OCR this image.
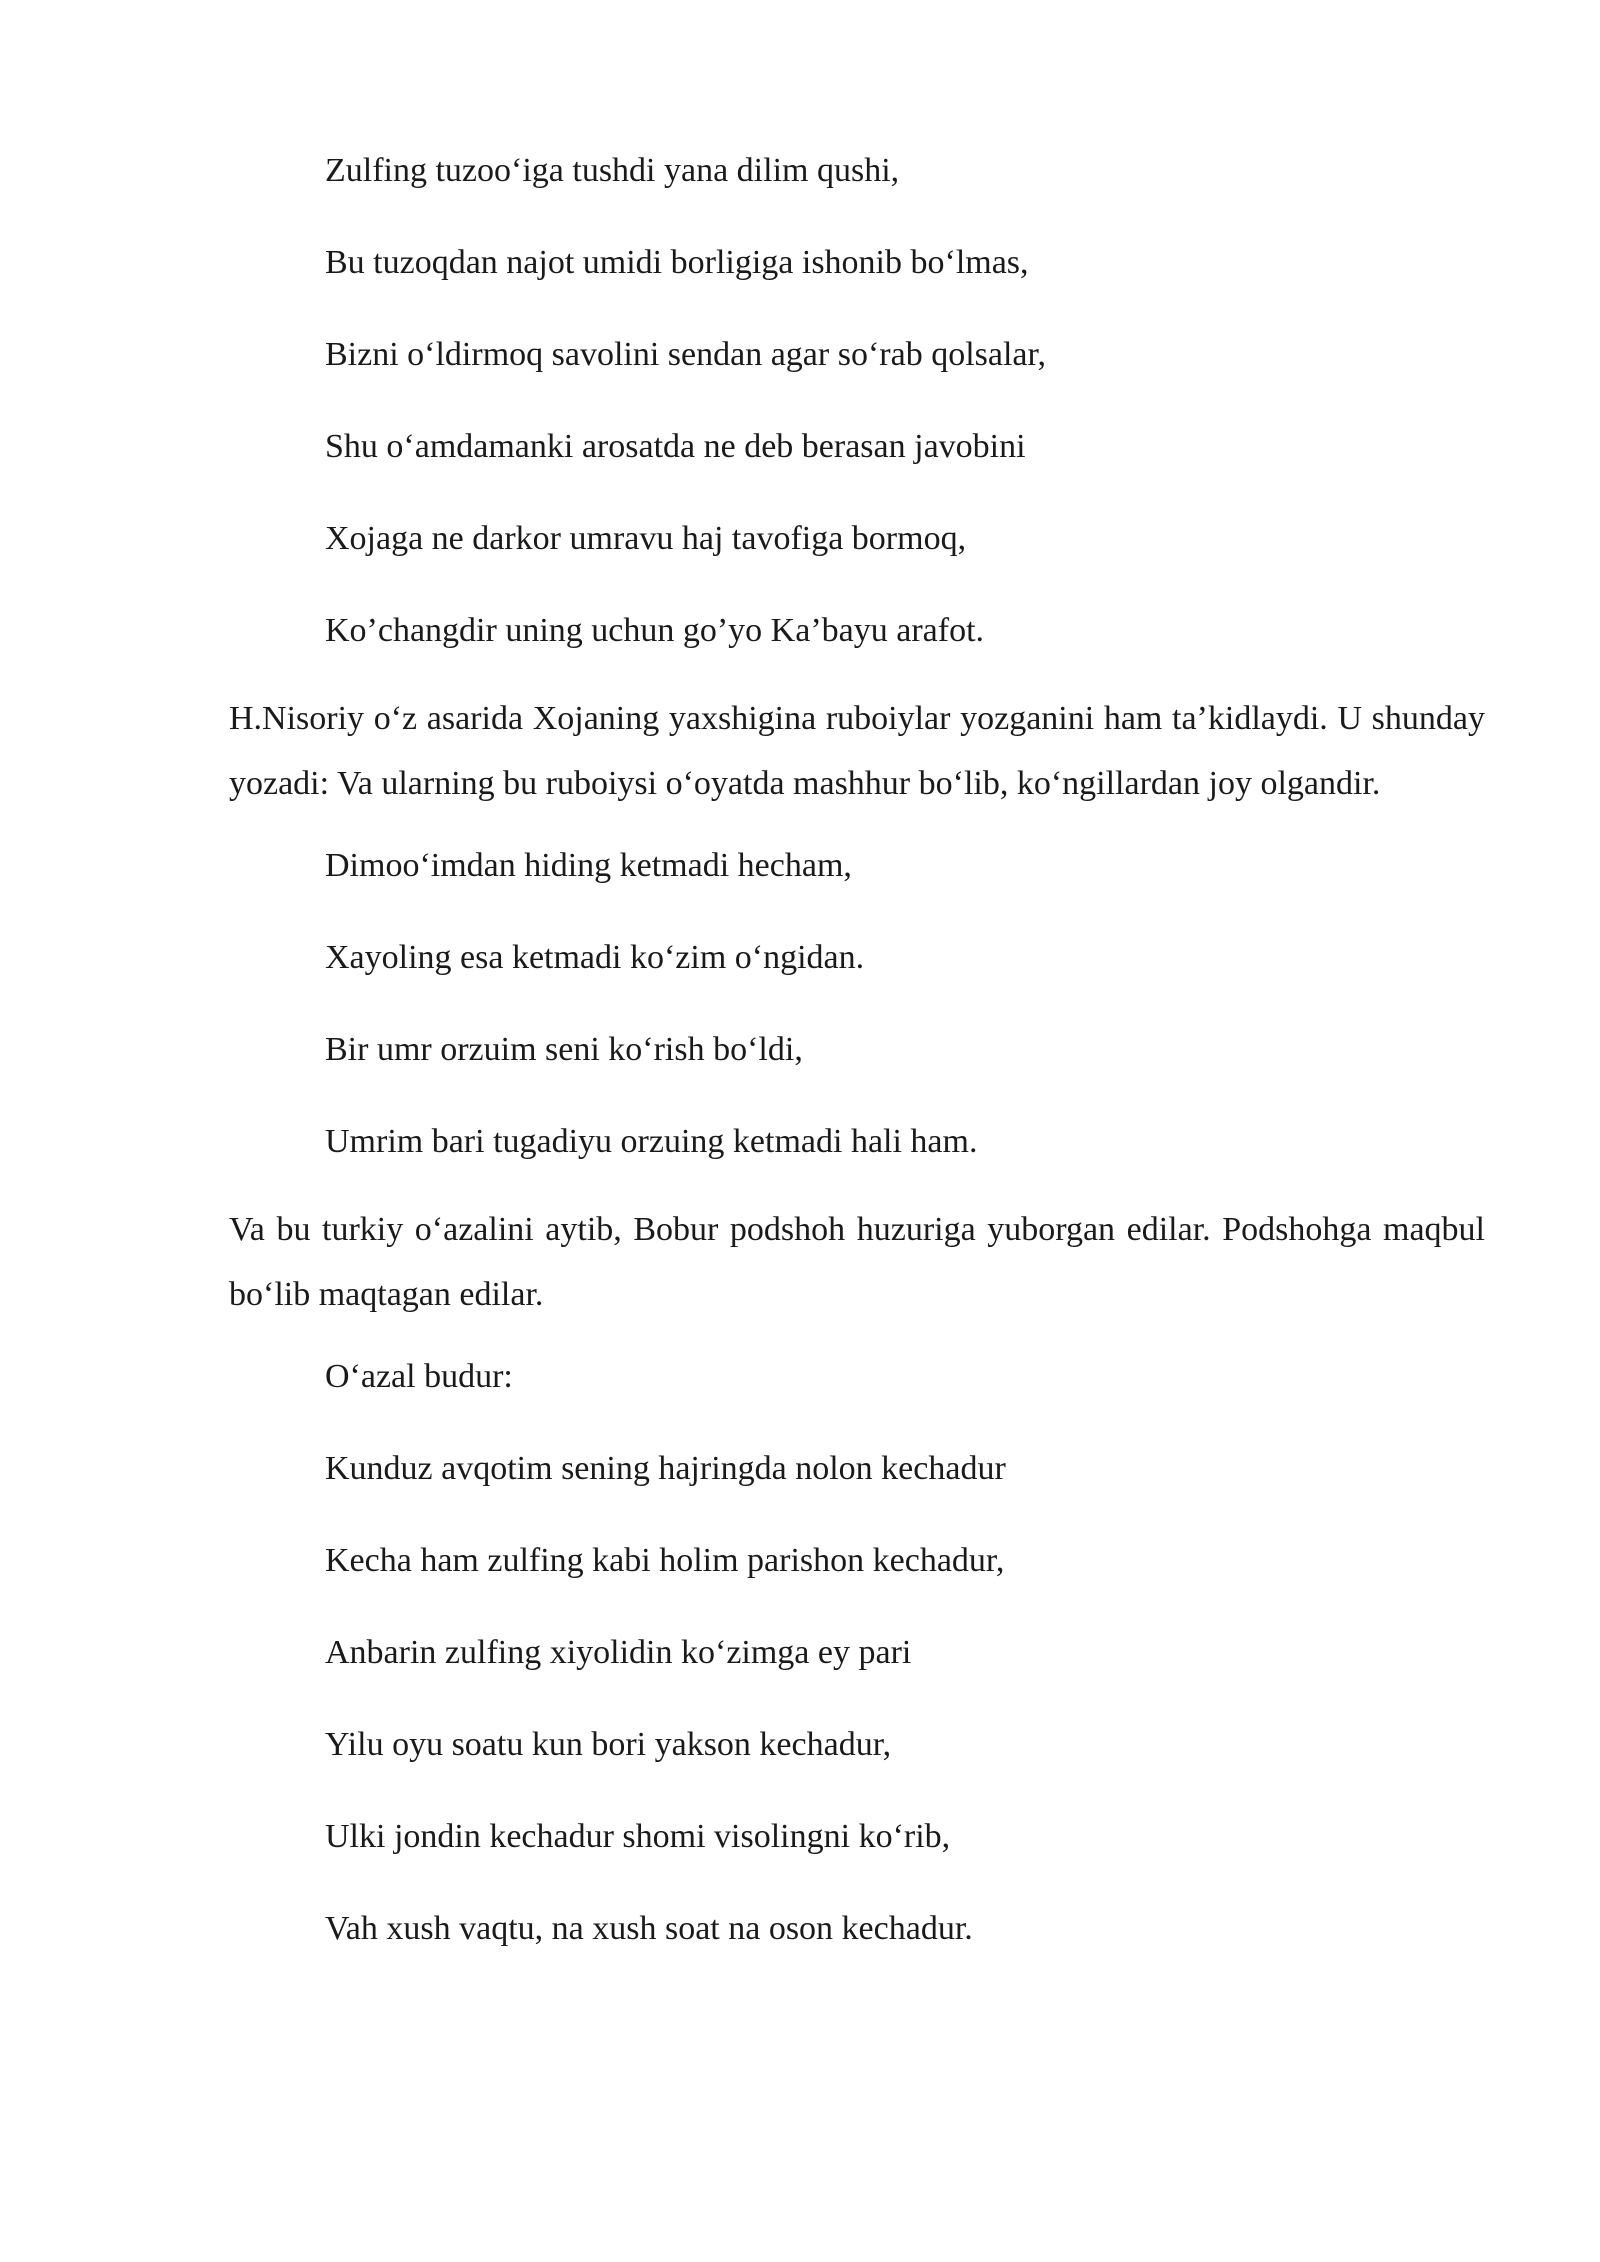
Zulfing tuzoo‘iga tushdi yana dilim qushi,

Bu tuzoqdan najot umidi borligiga ishonib bo‘lmas,

Bizni o‘ldirmoq savolini sendan agar so‘rab qolsalar,

Shu o‘amdamanki arosatda ne deb berasan javobini

Xojaga ne darkor umravu haj tavofiga bormoq,

Ko’changdir uning uchun go’yo Ka’bayu arafot.

H.Nisoriy o‘z asarida Xojaning yaxshigina ruboiylar yozganini ham ta’kidlaydi. U shunday yozadi: Va ularning bu ruboiysi o‘oyatda mashhur bo‘lib, ko‘ngillardan joy olgandir.

Dimoo‘imdan hiding ketmadi hecham,

Xayoling esa ketmadi ko‘zim o‘ngidan.

Bir umr orzuim seni ko‘rish bo‘ldi,

Umrim bari tugadiyu orzuing ketmadi hali ham.

Va bu turkiy o‘azalini aytib, Bobur podshoh huzuriga yuborgan edilar. Podshohga maqbul bo‘lib maqtagan edilar.

O‘azal budur:

Kunduz avqotim sening hajringda nolon kechadur

Kecha ham zulfing kabi holim parishon kechadur,

Anbarin zulfing xiyolidin ko‘zimga ey pari

Yilu oyu soatu kun bori yakson kechadur,

Ulki jondin kechadur shomi visolingni ko‘rib,

Vah xush vaqtu, na xush soat na oson kechadur.
